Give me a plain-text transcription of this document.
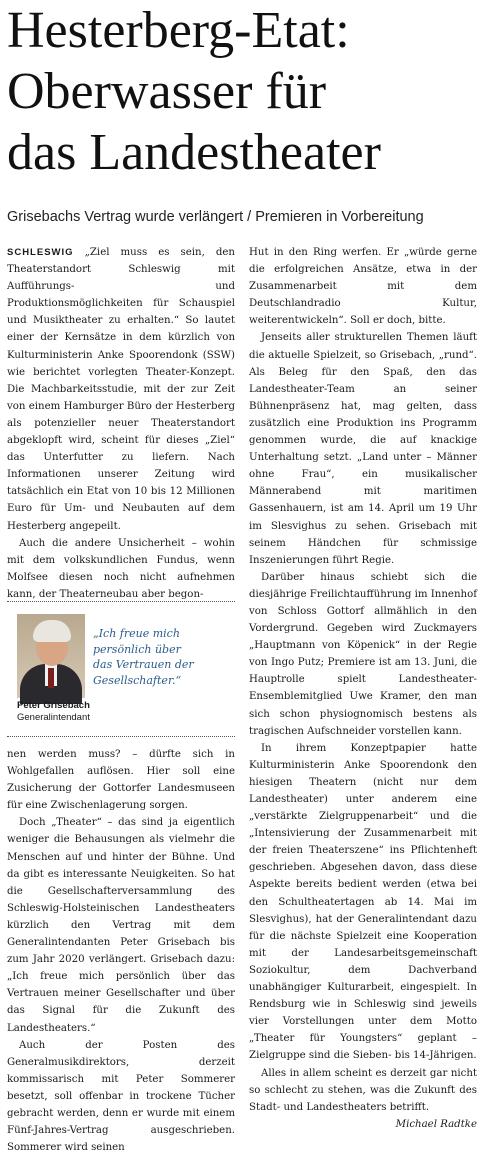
Hesterberg-Etat:
Oberwasser für
das Landestheater
Grisebachs Vertrag wurde verlängert / Premieren in Vorbereitung

SCHLESWIG „Ziel muss es sein, den Theaterstandort Schleswig mit Aufführungs- und Produktionsmöglichkeiten für Schauspiel und Musiktheater zu erhalten.“ So lautet einer der Kernsätze in dem kürzlich von Kulturministerin Anke Spoorendonk (SSW) wie berichtet vorlegten Theater-Konzept. Die Machbarkeitsstudie, mit der zur Zeit von einem Hamburger Büro der Hesterberg als potenzieller neuer Theaterstandort abgeklopft wird, scheint für dieses „Ziel“ das Unterfutter zu liefern. Nach Informationen unserer Zeitung wird tatsächlich ein Etat von 10 bis 12 Millionen Euro für Um- und Neubauten auf dem Hesterberg angepeilt.

Auch die andere Unsicherheit – wohin mit dem volkskundlichen Fundus, wenn Molfsee diesen noch nicht aufnehmen kann, der Theaterneubau aber begon-

„Ich freue mich
persönlich über
das Vertrauen der
Gesellschafter.“
Peter Grisebach
Generalintendant

nen werden muss? – dürfte sich in Wohlgefallen auflösen. Hier soll eine Zusicherung der Gottorfer Landesmuseen für eine Zwischenlagerung sorgen.

Doch „Theater“ – das sind ja eigentlich weniger die Behausungen als vielmehr die Menschen auf und hinter der Bühne. Und da gibt es interessante Neuigkeiten. So hat die Gesellschafterversammlung des Schleswig-Holsteinischen Landestheaters kürzlich den Vertrag mit dem Generalintendanten Peter Grisebach bis zum Jahr 2020 verlängert. Grisebach dazu: „Ich freue mich persönlich über das Vertrauen meiner Gesellschafter und über das Signal für die Zukunft des Landestheaters.“

Auch der Posten des Generalmusikdirektors, derzeit kommissarisch mit Peter Sommerer besetzt, soll offenbar in trockene Tücher gebracht werden, denn er wurde mit einem Fünf-Jahres-Vertrag ausgeschrieben. Sommerer wird seinen

Hut in den Ring werfen. Er „würde gerne die erfolgreichen Ansätze, etwa in der Zusammenarbeit mit dem Deutschlandradio Kultur, weiterentwickeln“. Soll er doch, bitte.

Jenseits aller strukturellen Themen läuft die aktuelle Spielzeit, so Grisebach, „rund“. Als Beleg für den Spaß, den das Landestheater-Team an seiner Bühnenpräsenz hat, mag gelten, dass zusätzlich eine Produktion ins Programm genommen wurde, die auf knackige Unterhaltung setzt. „Land unter – Männer ohne Frau“, ein musikalischer Männerabend mit maritimen Gassenhauern, ist am 14. April um 19 Uhr im Slesvighus zu sehen. Grisebach mit seinem Händchen für schmissige Inszenierungen führt Regie.

Darüber hinaus schiebt sich die diesjährige Freilichtaufführung im Innenhof von Schloss Gottorf allmählich in den Vordergrund. Gegeben wird Zuckmayers „Hauptmann von Köpenick“ in der Regie von Ingo Putz; Premiere ist am 13. Juni, die Hauptrolle spielt Landestheater-Ensemblemitglied Uwe Kramer, den man sich schon physiognomisch bestens als tragischen Aufschneider vorstellen kann.

In ihrem Konzeptpapier hatte Kulturministerin Anke Spoorendonk den hiesigen Theatern (nicht nur dem Landestheater) unter anderem eine „verstärkte Zielgruppenarbeit“ und die „Intensivierung der Zusammenarbeit mit der freien Theaterszene“ ins Pflichtenheft geschrieben. Abgesehen davon, dass diese Aspekte bereits bedient werden (etwa bei den Schultheatertagen ab 14. Mai im Slesvighus), hat der Generalintendant dazu für die nächste Spielzeit eine Kooperation mit der Landesarbeitsgemeinschaft Soziokultur, dem Dachverband unabhängiger Kulturarbeit, eingespielt. In Rendsburg wie in Schleswig sind jeweils vier Vorstellungen unter dem Motto „Theater für Youngsters“ geplant – Zielgruppe sind die Sieben- bis 14-Jährigen.

Alles in allem scheint es derzeit gar nicht so schlecht zu stehen, was die Zukunft des Stadt- und Landestheaters betrifft.
Michael Radtke
